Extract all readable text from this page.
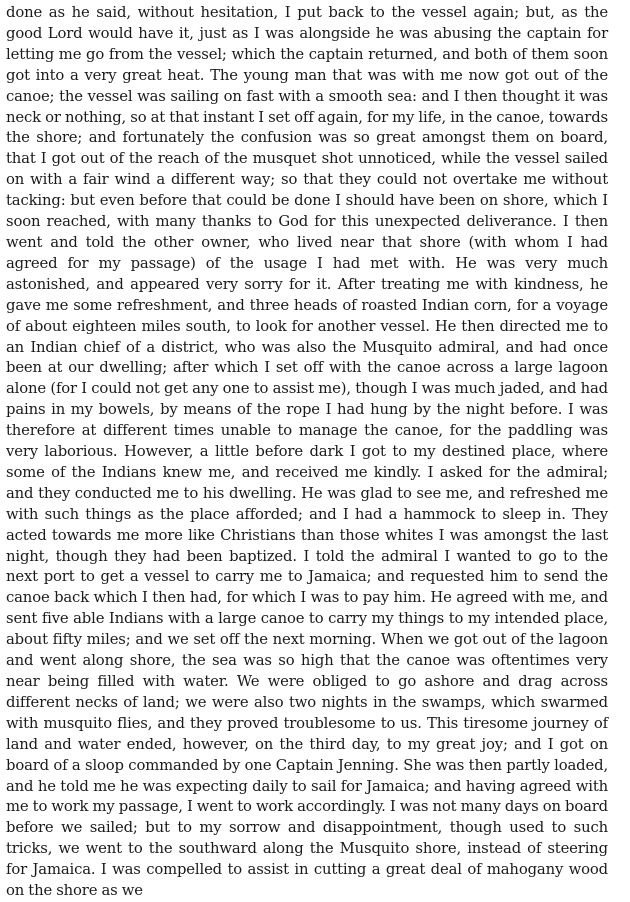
done as he said, without hesitation, I put back to the vessel again; but, as the good Lord would have it, just as I was alongside he was abusing the captain for letting me go from the vessel; which the captain returned, and both of them soon got into a very great heat. The young man that was with me now got out of the canoe; the vessel was sailing on fast with a smooth sea: and I then thought it was neck or nothing, so at that instant I set off again, for my life, in the canoe, towards the shore; and fortunately the confusion was so great amongst them on board, that I got out of the reach of the musquet shot unnoticed, while the vessel sailed on with a fair wind a different way; so that they could not overtake me without tacking: but even before that could be done I should have been on shore, which I soon reached, with many thanks to God for this unexpected deliverance. I then went and told the other owner, who lived near that shore (with whom I had agreed for my passage) of the usage I had met with. He was very much astonished, and appeared very sorry for it. After treating me with kindness, he gave me some refreshment, and three heads of roasted Indian corn, for a voyage of about eighteen miles south, to look for another vessel. He then directed me to an Indian chief of a district, who was also the Musquito admiral, and had once been at our dwelling; after which I set off with the canoe across a large lagoon alone (for I could not get any one to assist me), though I was much jaded, and had pains in my bowels, by means of the rope I had hung by the night before. I was therefore at different times unable to manage the canoe, for the paddling was very laborious. However, a little before dark I got to my destined place, where some of the Indians knew me, and received me kindly. I asked for the admiral; and they conducted me to his dwelling. He was glad to see me, and refreshed me with such things as the place afforded; and I had a hammock to sleep in. They acted towards me more like Christians than those whites I was amongst the last night, though they had been baptized. I told the admiral I wanted to go to the next port to get a vessel to carry me to Jamaica; and requested him to send the canoe back which I then had, for which I was to pay him. He agreed with me, and sent five able Indians with a large canoe to carry my things to my intended place, about fifty miles; and we set off the next morning. When we got out of the lagoon and went along shore, the sea was so high that the canoe was oftentimes very near being filled with water. We were obliged to go ashore and drag across different necks of land; we were also two nights in the swamps, which swarmed with musquito flies, and they proved troublesome to us. This tiresome journey of land and water ended, however, on the third day, to my great joy; and I got on board of a sloop commanded by one Captain Jenning. She was then partly loaded, and he told me he was expecting daily to sail for Jamaica; and having agreed with me to work my passage, I went to work accordingly. I was not many days on board before we sailed; but to my sorrow and disappointment, though used to such tricks, we went to the southward along the Musquito shore, instead of steering for Jamaica. I was compelled to assist in cutting a great deal of mahogany wood on the shore as we
